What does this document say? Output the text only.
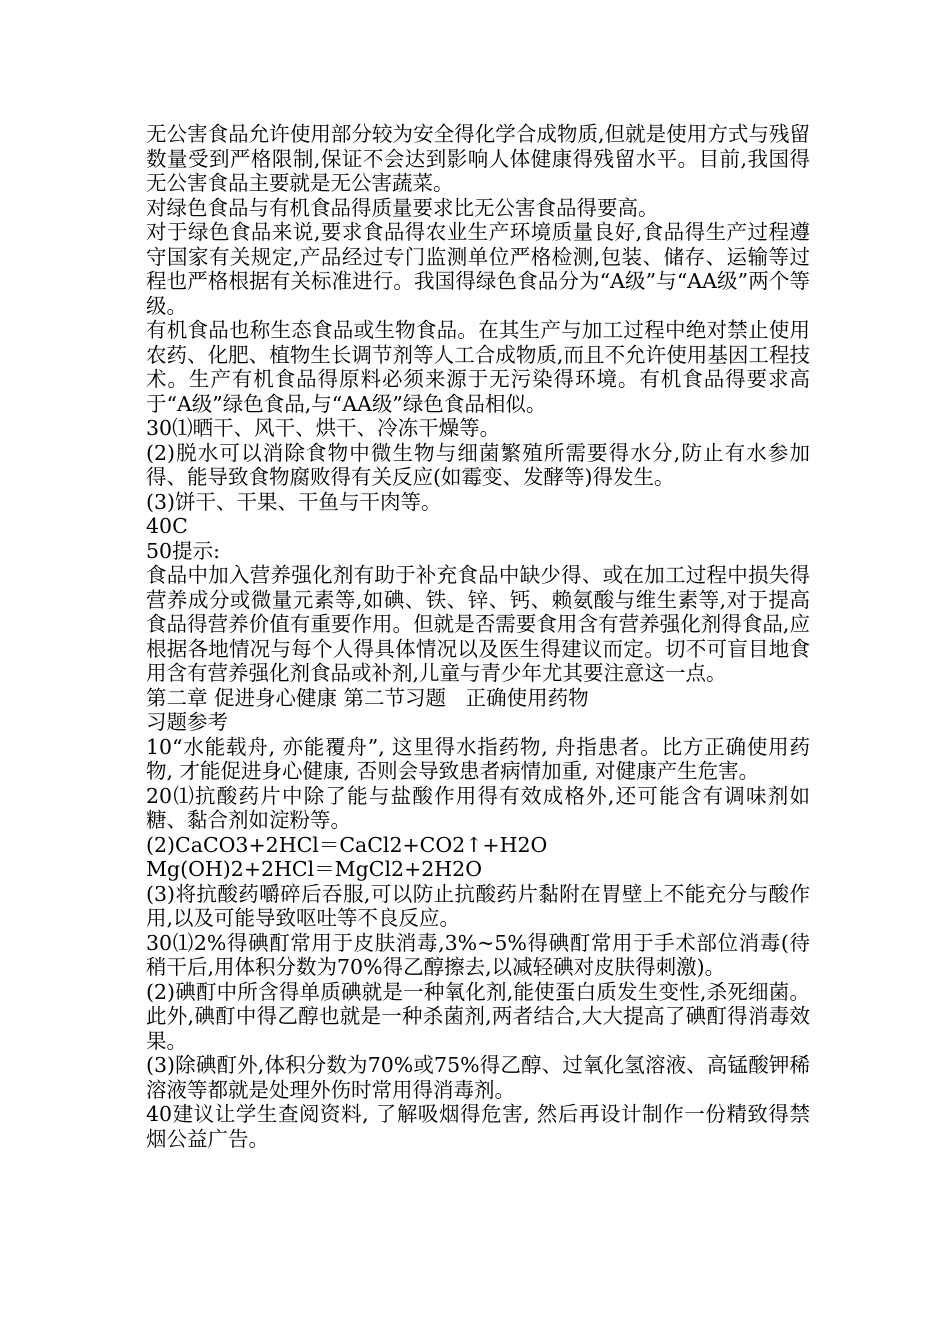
无公害食品允许使用部分较为安全得化学合成物质,但就是使用方式与残留数量受到严格限制,保证不会达到影响人体健康得残留水平。目前,我国得无公害食品主要就是无公害蔬菜。

对绿色食品与有机食品得质量要求比无公害食品得要高。

对于绿色食品来说,要求食品得农业生产环境质量良好,食品得生产过程遵守国家有关规定,产品经过专门监测单位严格检测,包装、储存、运输等过程也严格根据有关标准进行。我国得绿色食品分为“A级”与“AA级”两个等级。

有机食品也称生态食品或生物食品。在其生产与加工过程中绝对禁止使用农药、化肥、植物生长调节剂等人工合成物质,而且不允许使用基因工程技术。生产有机食品得原料必须来源于无污染得环境。有机食品得要求高于“A级”绿色食品,与“AA级”绿色食品相似。

30⑴晒干、风干、烘干、冷冻干燥等。

(2)脱水可以消除食物中微生物与细菌繁殖所需要得水分,防止有水参加得、能导致食物腐败得有关反应(如霉变、发酵等)得发生。

(3)饼干、干果、干鱼与干肉等。

40C

50提示:

食品中加入营养强化剂有助于补充食品中缺少得、或在加工过程中损失得营养成分或微量元素等,如碘、铁、锌、钙、赖氨酸与维生素等,对于提高食品得营养价值有重要作用。但就是否需要食用含有营养强化剂得食品,应根据各地情况与每个人得具体情况以及医生得建议而定。切不可盲目地食用含有营养强化剂食品或补剂,儿童与青少年尤其要注意这一点。

第二章 促进身心健康 第二节习题   正确使用药物

习题参考

10“水能载舟, 亦能覆舟”, 这里得水指药物, 舟指患者。比方正确使用药物, 才能促进身心健康, 否则会导致患者病情加重, 对健康产生危害。

20⑴抗酸药片中除了能与盐酸作用得有效成格外,还可能含有调味剂如糖、黏合剂如淀粉等。

(2)CaCO3+2HCl＝CaCl2+CO2↑+H2O

Mg(OH)2+2HCl＝MgCl2+2H2O

(3)将抗酸药嚼碎后吞服,可以防止抗酸药片黏附在胃壁上不能充分与酸作用,以及可能导致呕吐等不良反应。

30⑴2%得碘酊常用于皮肤消毒,3%~5%得碘酊常用于手术部位消毒(待稍干后,用体积分数为70%得乙醇擦去,以减轻碘对皮肤得刺激)。

(2)碘酊中所含得单质碘就是一种氧化剂,能使蛋白质发生变性,杀死细菌。此外,碘酊中得乙醇也就是一种杀菌剂,两者结合,大大提高了碘酊得消毒效果。

(3)除碘酊外,体积分数为70%或75%得乙醇、过氧化氢溶液、高锰酸钾稀溶液等都就是处理外伤时常用得消毒剂。

40建议让学生查阅资料, 了解吸烟得危害, 然后再设计制作一份精致得禁烟公益广告。
